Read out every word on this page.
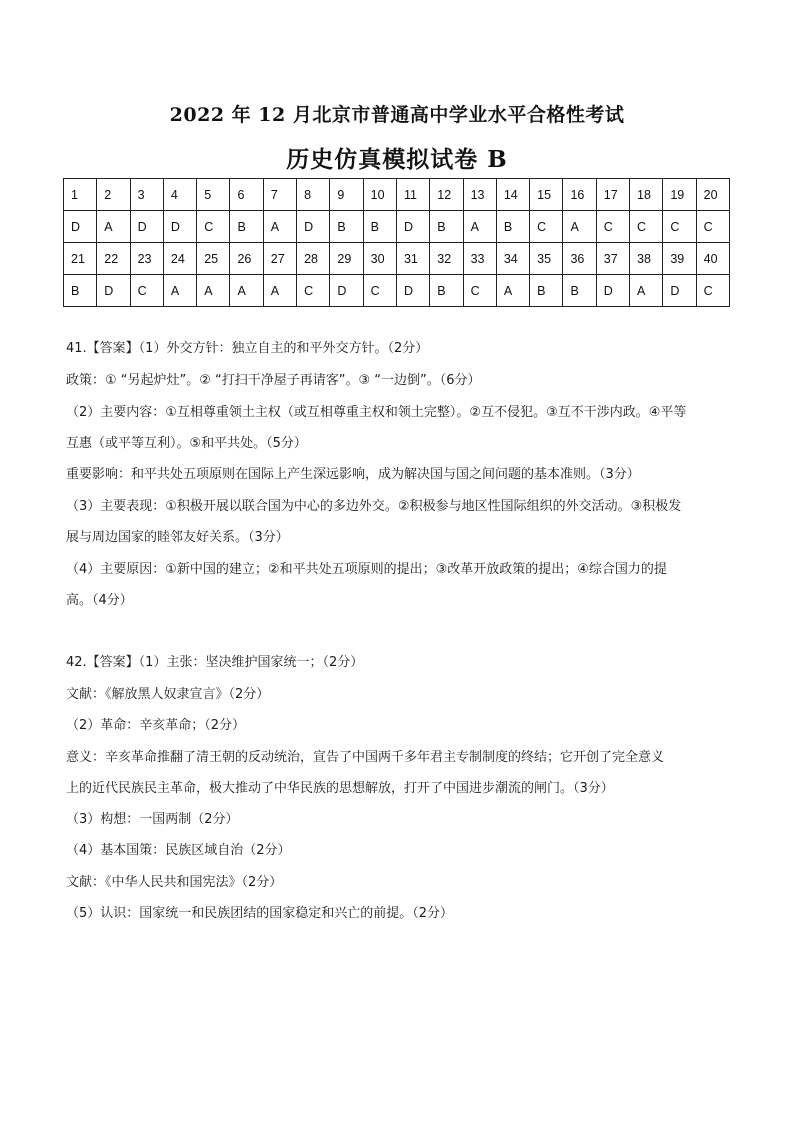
2022 年 12 月北京市普通高中学业水平合格性考试
历史仿真模拟试卷 B
1	2	3	4	5	6	7	8	9	10	11	12	13	14	15	16	17	18	19	20
D	A	D	D	C	B	A	D	B	B	D	B	A	B	C	A	C	C	C	C
21	22	23	24	25	26	27	28	29	30	31	32	33	34	35	36	37	38	39	40
B	D	C	A	A	A	A	C	D	C	D	B	C	A	B	B	D	A	D	C
41.【答案】（1）外交方针：独立自主的和平外交方针。（2分）
政策：① “另起炉灶”。② “打扫干净屋子再请客”。③ “一边倒”。（6分）
（2）主要内容：①互相尊重领土主权（或互相尊重主权和领土完整）。②互不侵犯。③互不干涉内政。④平等
互惠（或平等互利）。⑤和平共处。（5分）
重要影响：和平共处五项原则在国际上产生深远影响，成为解决国与国之间问题的基本准则。（3分）
（3）主要表现：①积极开展以联合国为中心的多边外交。②积极参与地区性国际组织的外交活动。③积极发
展与周边国家的睦邻友好关系。（3分）
（4）主要原因：①新中国的建立；②和平共处五项原则的提出；③改革开放政策的提出；④综合国力的提
高。（4分）
42.【答案】（1）主张：坚决维护国家统一；（2分）
文献：《解放黑人奴隶宣言》（2分）
（2）革命：辛亥革命；（2分）
意义：辛亥革命推翻了清王朝的反动统治，宣告了中国两千多年君主专制制度的终结；它开创了完全意义
上的近代民族民主革命，极大推动了中华民族的思想解放，打开了中国进步潮流的闸门。（3分）
（3）构想：一国两制（2分）
（4）基本国策：民族区域自治（2分）
文献：《中华人民共和国宪法》（2分）
（5）认识：国家统一和民族团结的国家稳定和兴亡的前提。（2分）
